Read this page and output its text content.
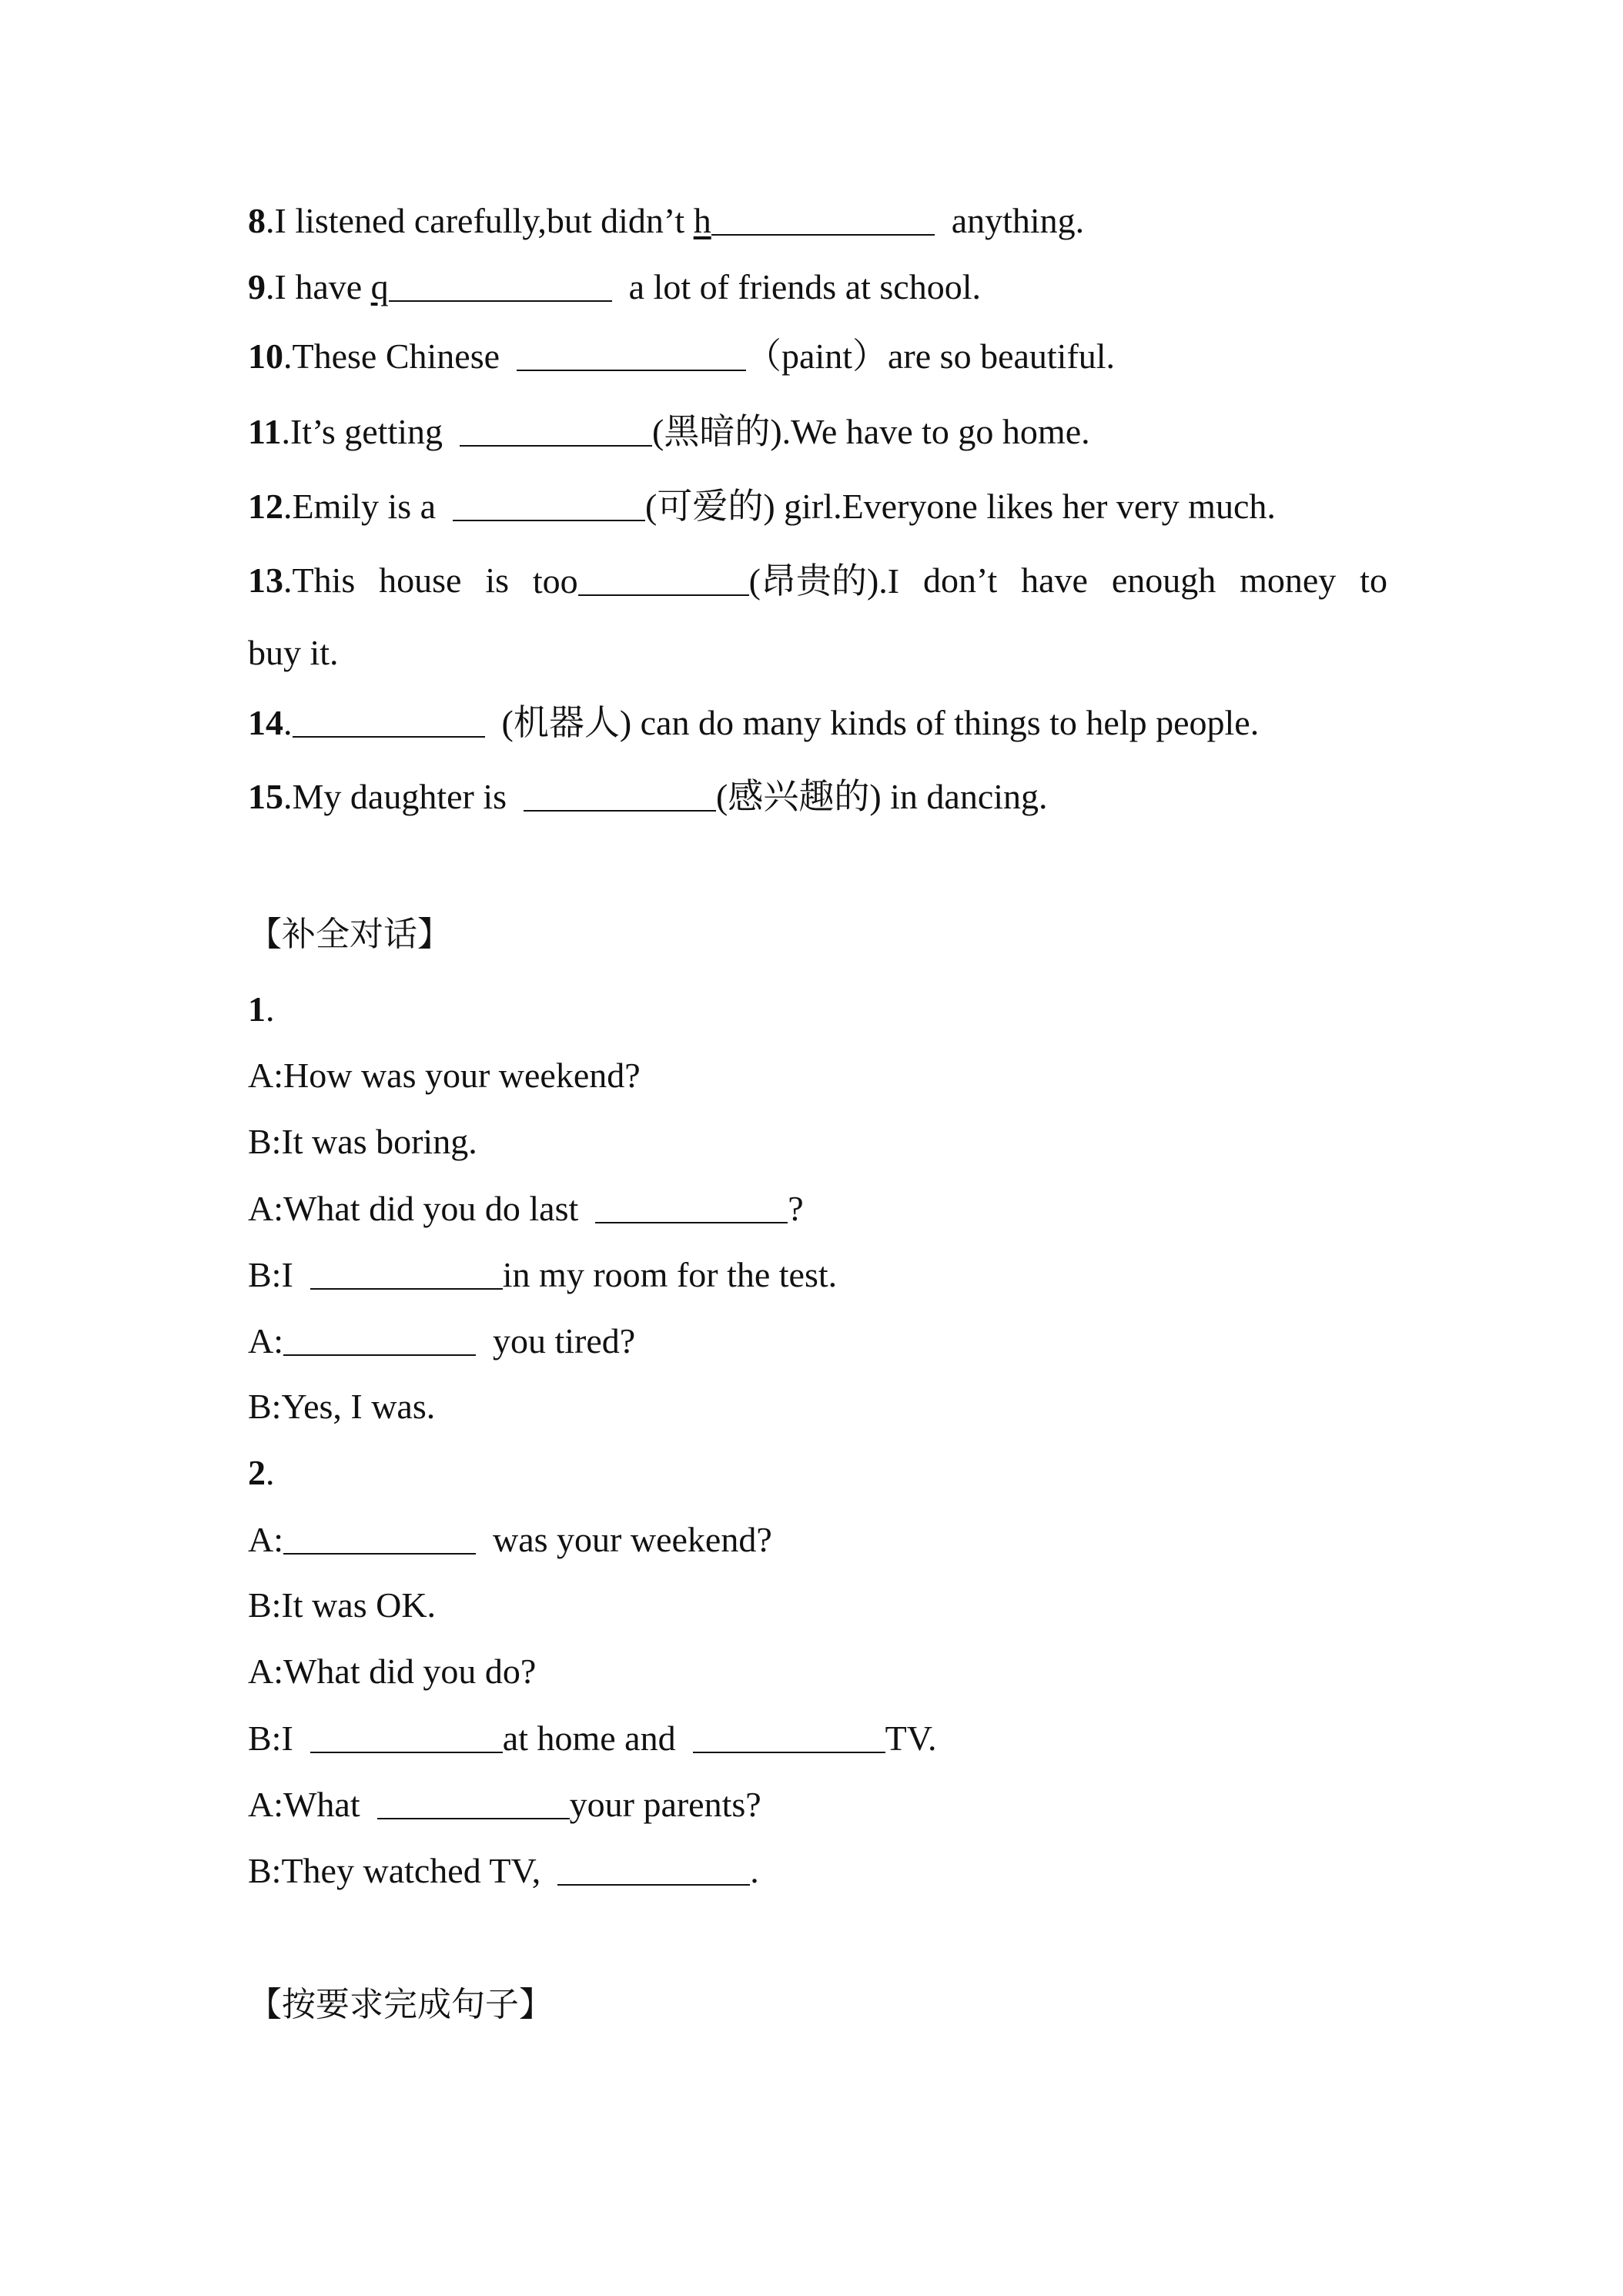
8.I listened carefully,but didn’t h	anything.

9.I have q	a lot of friends at school.

10.These Chinese	（paint）are so beautiful.

11.It’s getting	(黑暗的).We have to go home.

12.Emily is a	(可爱的) girl.Everyone likes her very much.

13.This house is too	(昂贵的).I don’t have enough money to

buy it.

14.	(机器人) can do many kinds of things to help people.

15.My daughter is	(感兴趣的) in dancing.

【补全对话】

1.

A:How was your weekend?

B:It was boring.

A:What did you do last	?

B:I	in my room for the test.

A:	you tired?

B:Yes, I was.

2.

A:	was your weekend?

B:It was OK.

A:What did you do?

B:I	at home and	TV.

A:What	your parents?

B:They watched TV,	.

【按要求完成句子】
